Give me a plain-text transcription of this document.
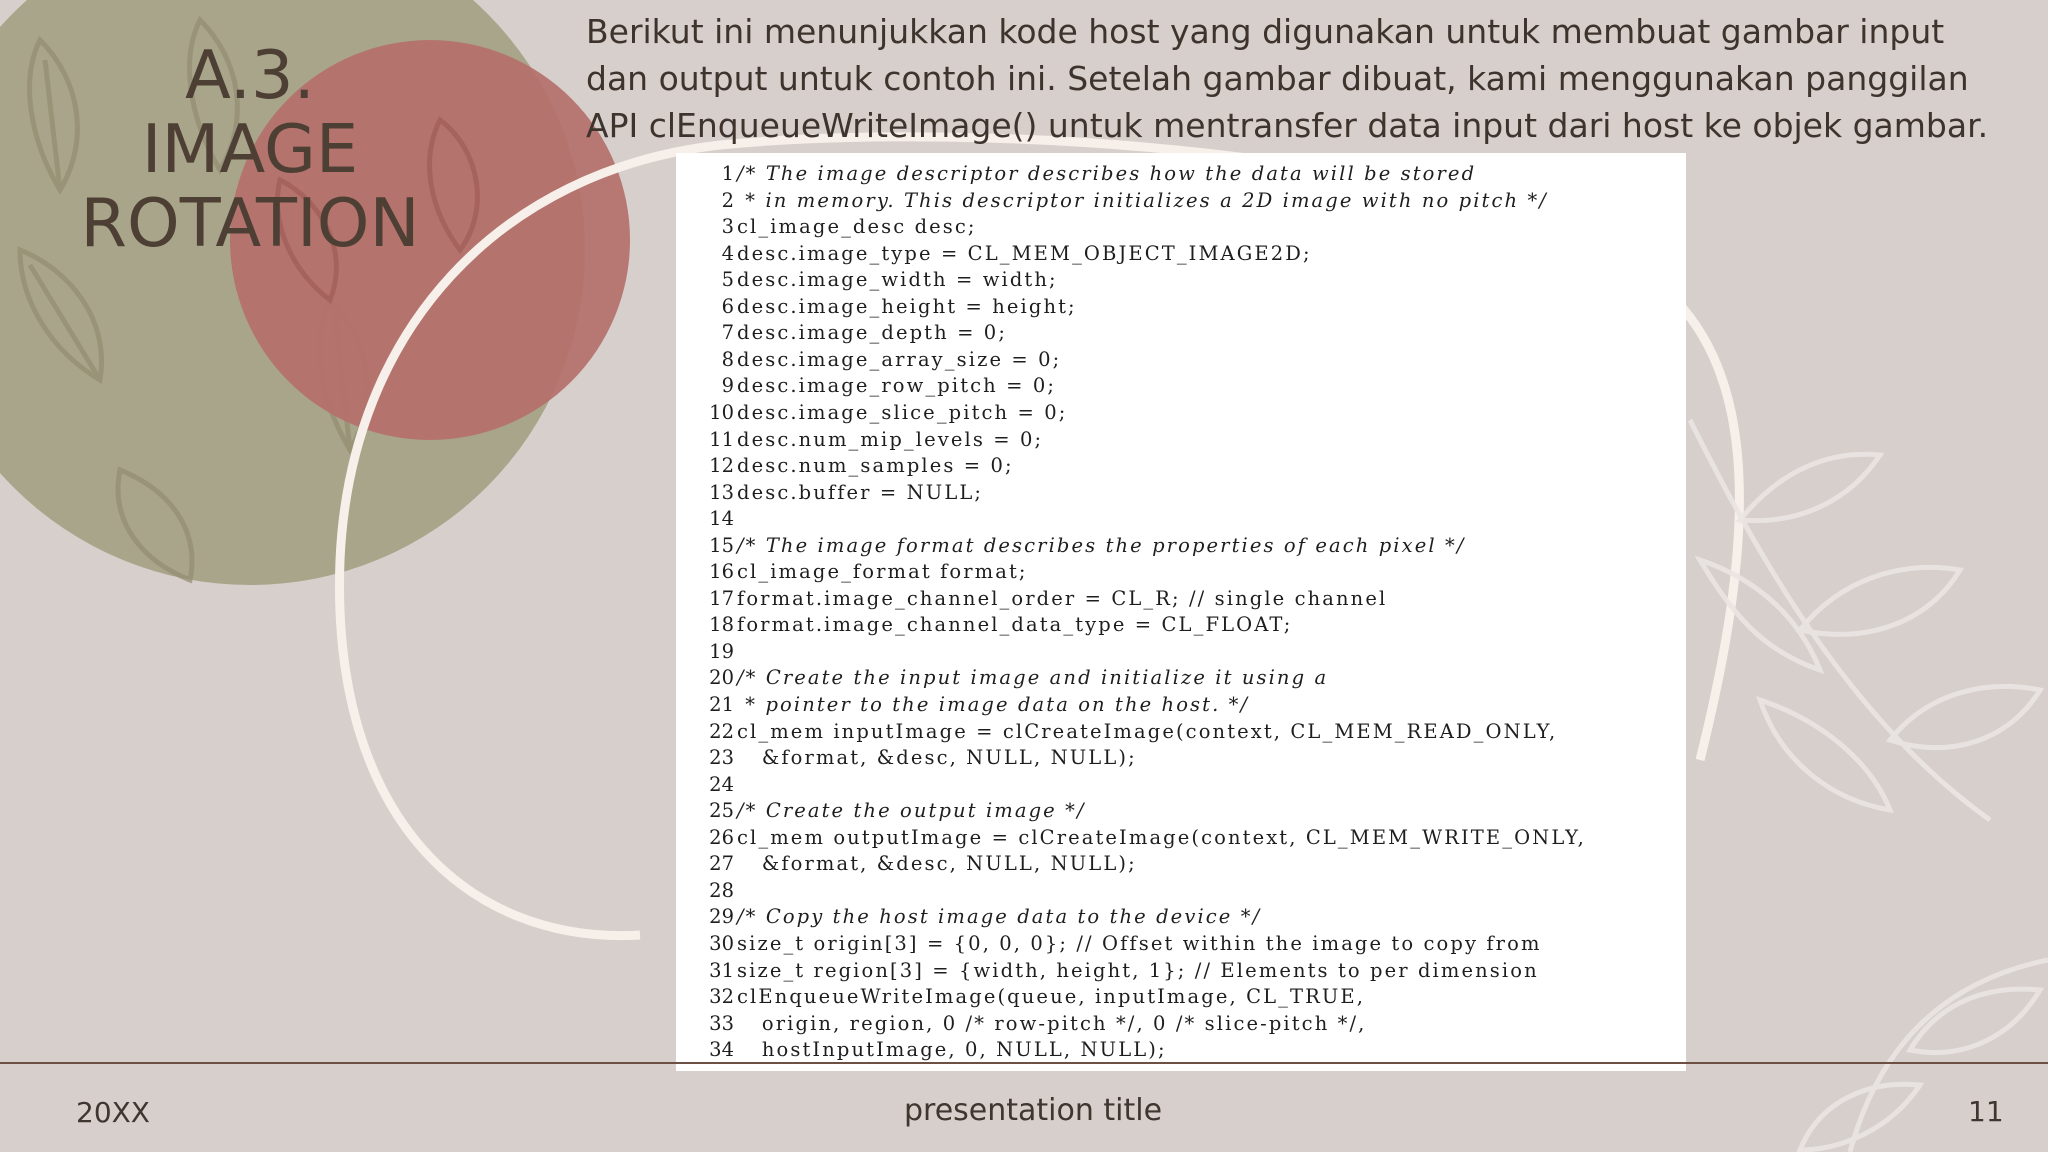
A.3.
IMAGE
ROTATION

Berikut ini menunjukkan kode host yang digunakan untuk membuat gambar input dan output untuk contoh ini. Setelah gambar dibuat, kami menggunakan panggilan API clEnqueueWriteImage() untuk mentransfer data input dari host ke objek gambar.

1 /* The image descriptor describes how the data will be stored
2 * in memory. This descriptor initializes a 2D image with no pitch */
3 cl_image_desc desc;
4 desc.image_type = CL_MEM_OBJECT_IMAGE2D;
5 desc.image_width = width;
6 desc.image_height = height;
7 desc.image_depth = 0;
8 desc.image_array_size = 0;
9 desc.image_row_pitch = 0;
10 desc.image_slice_pitch = 0;
11 desc.num_mip_levels = 0;
12 desc.num_samples = 0;
13 desc.buffer = NULL;
14
15 /* The image format describes the properties of each pixel */
16 cl_image_format format;
17 format.image_channel_order = CL_R; // single channel
18 format.image_channel_data_type = CL_FLOAT;
19
20 /* Create the input image and initialize it using a
21 * pointer to the image data on the host. */
22 cl_mem inputImage = clCreateImage(context, CL_MEM_READ_ONLY,
23 &format, &desc, NULL, NULL);
24
25 /* Create the output image */
26 cl_mem outputImage = clCreateImage(context, CL_MEM_WRITE_ONLY,
27 &format, &desc, NULL, NULL);
28
29 /* Copy the host image data to the device */
30 size_t origin[3] = {0, 0, 0}; // Offset within the image to copy from
31 size_t region[3] = {width, height, 1}; // Elements to per dimension
32 clEnqueueWriteImage(queue, inputImage, CL_TRUE,
33 origin, region, 0 /* row-pitch */, 0 /* slice-pitch */,
34 hostInputImage, 0, NULL, NULL);
20XX	presentation title	11
